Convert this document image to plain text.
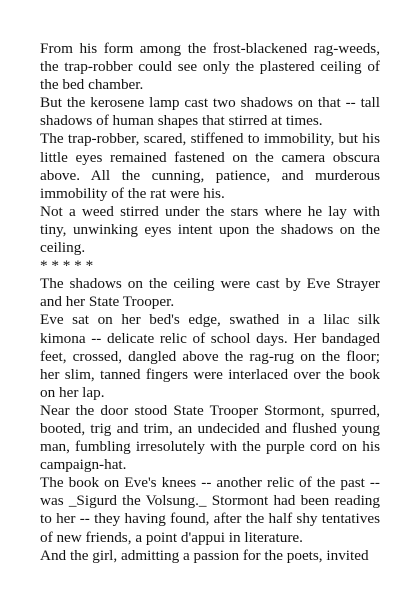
From his form among the frost-blackened rag-weeds, the trap-robber could see only the plastered ceiling of the bed chamber.

But the kerosene lamp cast two shadows on that -- tall shadows of human shapes that stirred at times.

The trap-robber, scared, stiffened to immobility, but his little eyes remained fastened on the camera obscura above. All the cunning, patience, and murderous immobility of the rat were his.

Not a weed stirred under the stars where he lay with tiny, unwinking eyes intent upon the shadows on the ceiling.

* * * * *

The shadows on the ceiling were cast by Eve Strayer and her State Trooper.

Eve sat on her bed's edge, swathed in a lilac silk kimona -- delicate relic of school days. Her bandaged feet, crossed, dangled above the rag-rug on the floor; her slim, tanned fingers were interlaced over the book on her lap.

Near the door stood State Trooper Stormont, spurred, booted, trig and trim, an undecided and flushed young man, fumbling irresolutely with the purple cord on his campaign-hat.

The book on Eve's knees -- another relic of the past -- was _Sigurd the Volsung._ Stormont had been reading to her -- they having found, after the half shy tentatives of new friends, a point d'appui in literature.

And the girl, admitting a passion for the poets, invited
